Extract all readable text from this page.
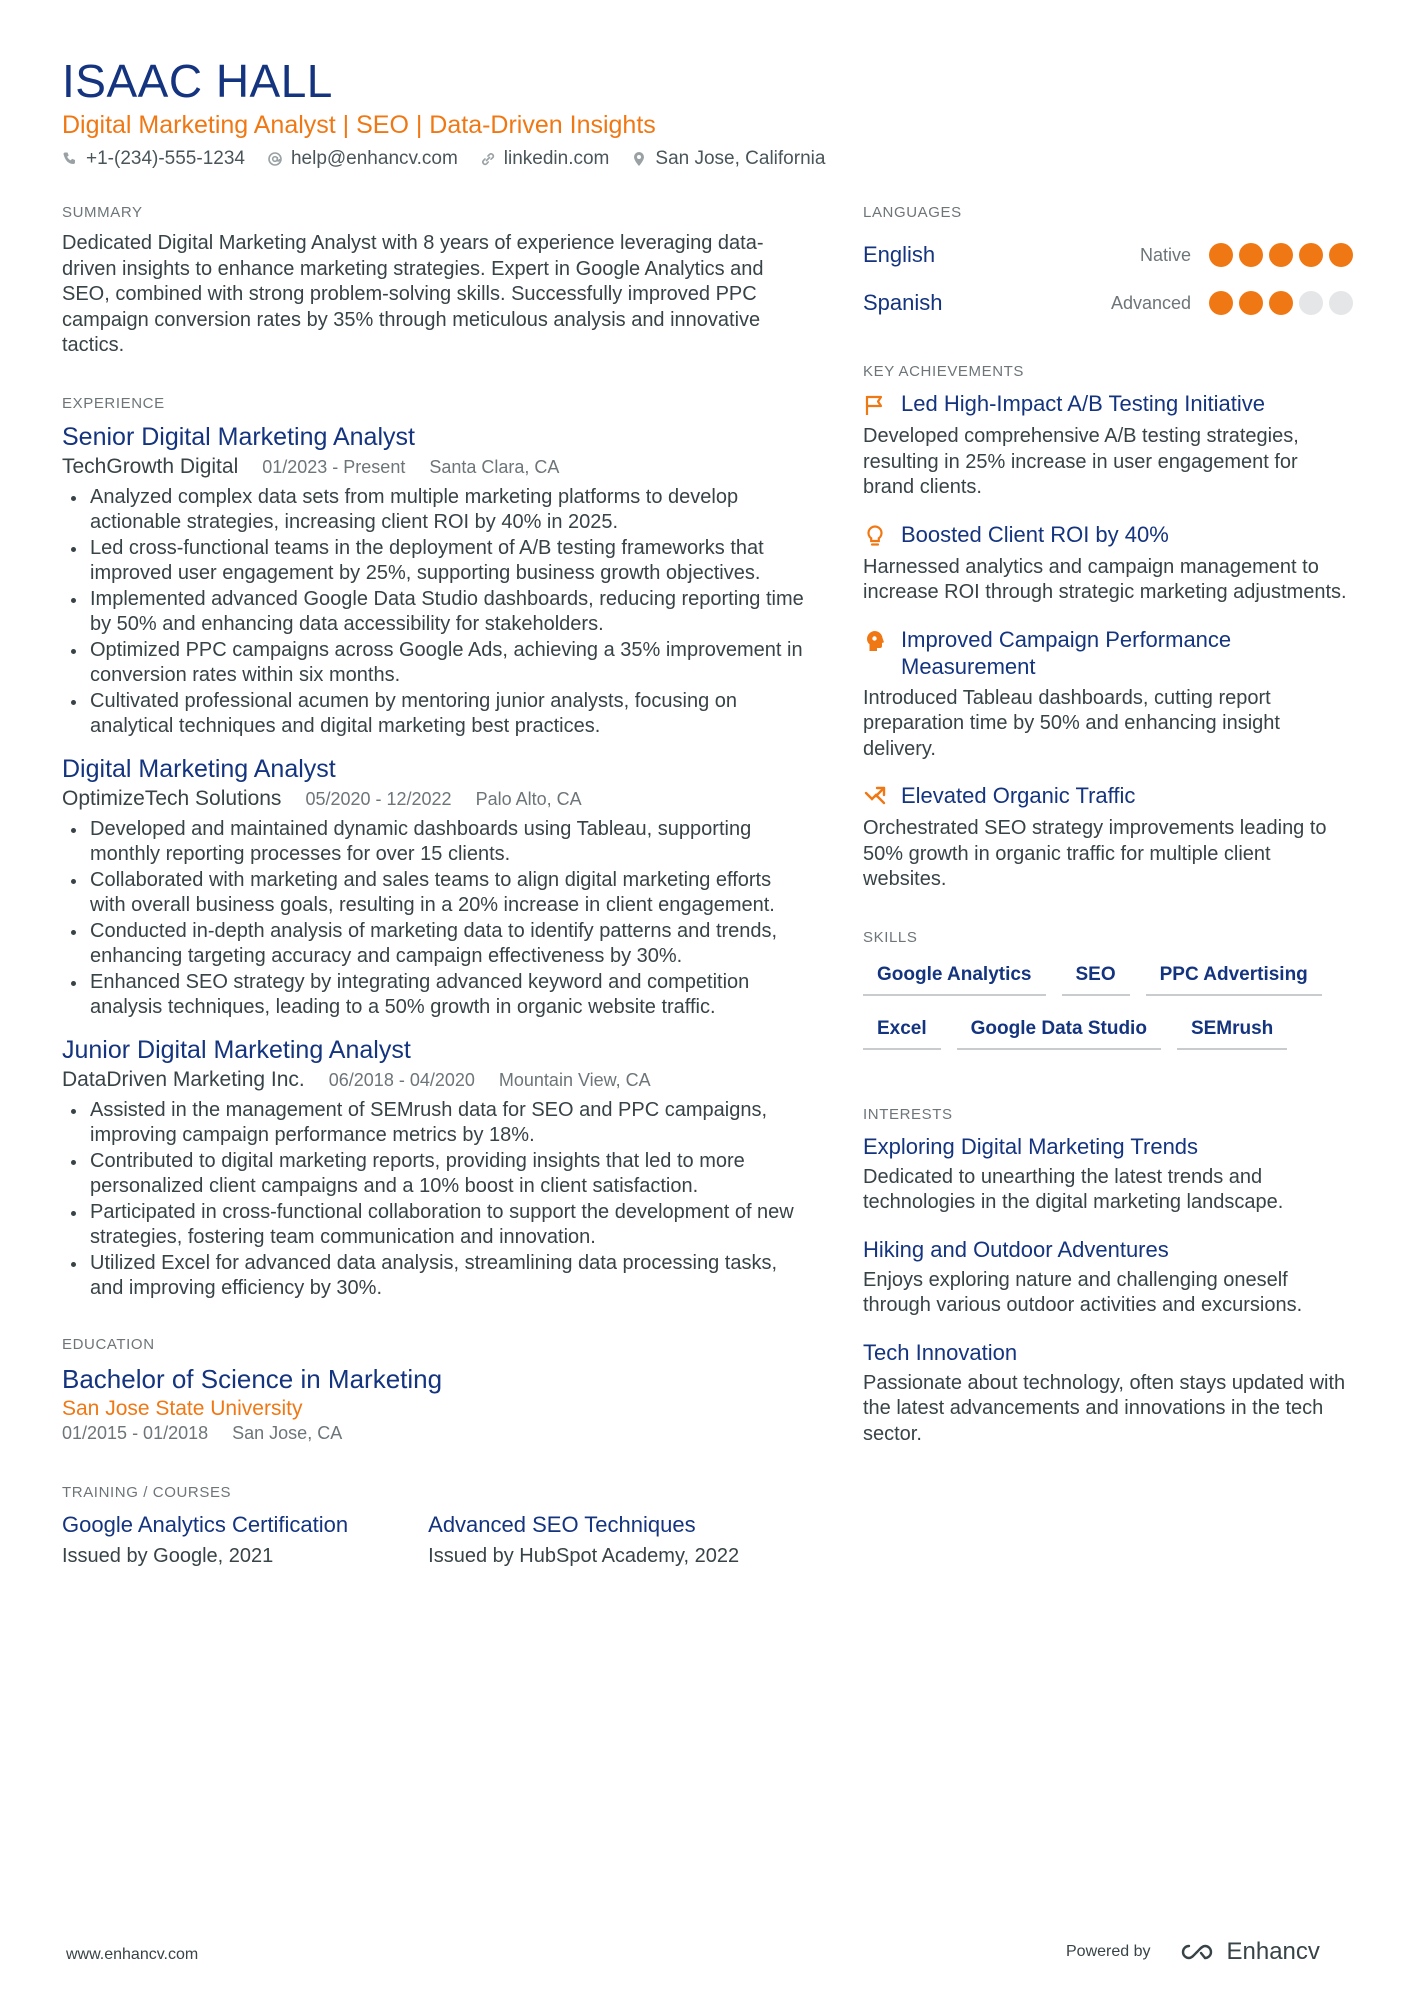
ISAAC HALL
Digital Marketing Analyst | SEO | Data-Driven Insights
+1-(234)-555-1234 help@enhancv.com linkedin.com San Jose, California
SUMMARY

Dedicated Digital Marketing Analyst with 8 years of experience leveraging data-driven insights to enhance marketing strategies. Expert in Google Analytics and SEO, combined with strong problem-solving skills. Successfully improved PPC campaign conversion rates by 35% through meticulous analysis and innovative tactics.

EXPERIENCE
Senior Digital Marketing Analyst
TechGrowth Digital 01/2023 - Present Santa Clara, CA
Analyzed complex data sets from multiple marketing platforms to develop actionable strategies, increasing client ROI by 40% in 2025.
Led cross-functional teams in the deployment of A/B testing frameworks that improved user engagement by 25%, supporting business growth objectives.
Implemented advanced Google Data Studio dashboards, reducing reporting time by 50% and enhancing data accessibility for stakeholders.
Optimized PPC campaigns across Google Ads, achieving a 35% improvement in conversion rates within six months.
Cultivated professional acumen by mentoring junior analysts, focusing on analytical techniques and digital marketing best practices.
Digital Marketing Analyst
OptimizeTech Solutions 05/2020 - 12/2022 Palo Alto, CA
Developed and maintained dynamic dashboards using Tableau, supporting monthly reporting processes for over 15 clients.
Collaborated with marketing and sales teams to align digital marketing efforts with overall business goals, resulting in a 20% increase in client engagement.
Conducted in-depth analysis of marketing data to identify patterns and trends, enhancing targeting accuracy and campaign effectiveness by 30%.
Enhanced SEO strategy by integrating advanced keyword and competition analysis techniques, leading to a 50% growth in organic website traffic.
Junior Digital Marketing Analyst
DataDriven Marketing Inc. 06/2018 - 04/2020 Mountain View, CA
Assisted in the management of SEMrush data for SEO and PPC campaigns, improving campaign performance metrics by 18%.
Contributed to digital marketing reports, providing insights that led to more personalized client campaigns and a 10% boost in client satisfaction.
Participated in cross-functional collaboration to support the development of new strategies, fostering team communication and innovation.
Utilized Excel for advanced data analysis, streamlining data processing tasks, and improving efficiency by 30%.
EDUCATION
Bachelor of Science in Marketing
San Jose State University
01/2015 - 01/2018 San Jose, CA
TRAINING / COURSES
Google Analytics Certification
Issued by Google, 2021
Advanced SEO Techniques
Issued by HubSpot Academy, 2022
LANGUAGES
English	Native
Spanish	Advanced
KEY ACHIEVEMENTS
Led High-Impact A/B Testing Initiative
Developed comprehensive A/B testing strategies, resulting in 25% increase in user engagement for brand clients.
Boosted Client ROI by 40%
Harnessed analytics and campaign management to increase ROI through strategic marketing adjustments.
Improved Campaign Performance Measurement
Introduced Tableau dashboards, cutting report preparation time by 50% and enhancing insight delivery.
Elevated Organic Traffic
Orchestrated SEO strategy improvements leading to 50% growth in organic traffic for multiple client websites.
SKILLS
Google Analytics	SEO	PPC Advertising
Excel	Google Data Studio	SEMrush
INTERESTS
Exploring Digital Marketing Trends
Dedicated to unearthing the latest trends and technologies in the digital marketing landscape.
Hiking and Outdoor Adventures
Enjoys exploring nature and challenging oneself through various outdoor activities and excursions.
Tech Innovation
Passionate about technology, often stays updated with the latest advancements and innovations in the tech sector.
www.enhancv.com	Powered by	Enhancv
